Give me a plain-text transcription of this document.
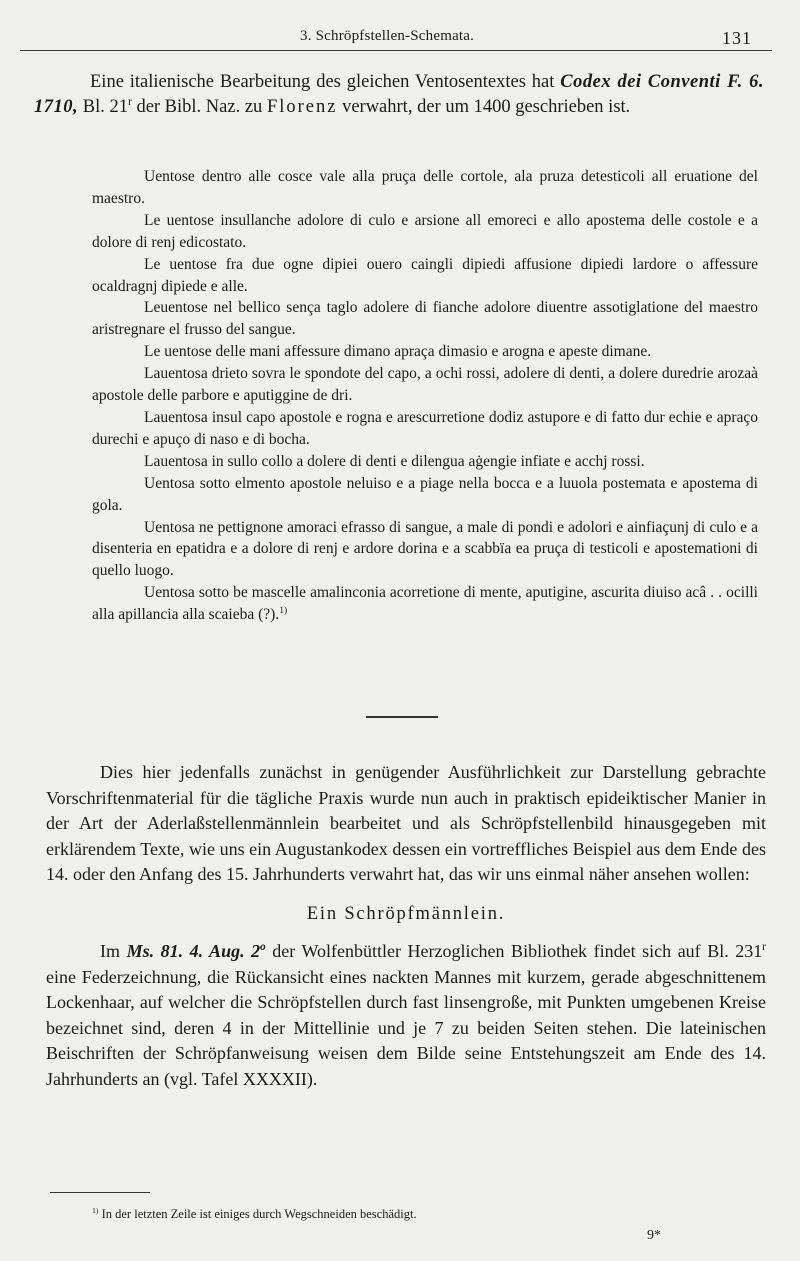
3. Schröpfstellen-Schemata.	131

Eine italienische Bearbeitung des gleichen Ventosentextes hat Codex dei Conventi F. 6. 1710, Bl. 21$^r$ der Bibl. Naz. zu Florenz verwahrt, der um 1400 geschrieben ist.

Uentose dentro alle cosce vale alla pruça delle cortole, ala pruza detesticoli all eruatione del maestro.

Le uentose insullanche adolore di culo e arsione all emoreci e allo apostema delle costole e a dolore di renj edicostato.

Le uentose fra due ogne dipiei ouero caingli dipiedi affusione dipiedi lardore o affessure ocaldragnj dipiede e alle.

Leuentose nel bellico sença taglo adolere di fianche adolore diuentre assotiglatione del maestro aristregnare el frusso del sangue.

Le uentose delle mani affessure dimano apraça dimasio e arogna e apeste dimane.

Lauentosa drieto sovra le spondote del capo, a ochi rossi, adolere di denti, a dolere duredrie arozaà apostole delle parbore e aputiggine de dri.

Lauentosa insul capo apostole e rogna e arescurretione dodiz astupore e di fatto dur echie e apraço durechi e apuço di naso e di bocha.

Lauentosa in sullo collo a dolere di denti e dilengua aġengie infiate e acchj rossi.

Uentosa sotto elmento apostole neluiso e a piage nella bocca e a luuola postemata e apostema di gola.

Uentosa ne pettignone amoraci efrasso di sangue, a male di pondi e adolori e ainfiaçunj di culo e a disenteria en epatidra e a dolore di renj e ardore dorina e a scabbïa ea pruça di testicoli e apostemationi di quello luogo.

Uentosa sotto be mascelle amalinconia acorretione di mente, aputigine, ascurita diuiso acâ . . ocilli alla apillancia alla scaieba (?).$^{1)}$

Dies hier jedenfalls zunächst in genügender Ausführlichkeit zur Darstellung gebrachte Vorschriftenmaterial für die tägliche Praxis wurde nun auch in praktisch epideiktischer Manier in der Art der Aderlaßstellenmännlein bearbeitet und als Schröpfstellenbild hinausgegeben mit erklärendem Texte, wie uns ein Augustankodex dessen ein vortreffliches Beispiel aus dem Ende des 14. oder den Anfang des 15. Jahrhunderts verwahrt hat, das wir uns einmal näher ansehen wollen:

Ein Schröpfmännlein.

Im Ms. 81. 4. Aug. 2$^o$ der Wolfenbüttler Herzoglichen Bibliothek findet sich auf Bl. 231$^r$ eine Federzeichnung, die Rückansicht eines nackten Mannes mit kurzem, gerade abgeschnittenem Lockenhaar, auf welcher die Schröpfstellen durch fast linsengroße, mit Punkten umgebenen Kreise bezeichnet sind, deren 4 in der Mittellinie und je 7 zu beiden Seiten stehen. Die lateinischen Beischriften der Schröpfanweisung weisen dem Bilde seine Entstehungszeit am Ende des 14. Jahrhunderts an (vgl. Tafel XXXXII).

$^{1)}$ In der letzten Zeile ist einiges durch Wegschneiden beschädigt.
9*
